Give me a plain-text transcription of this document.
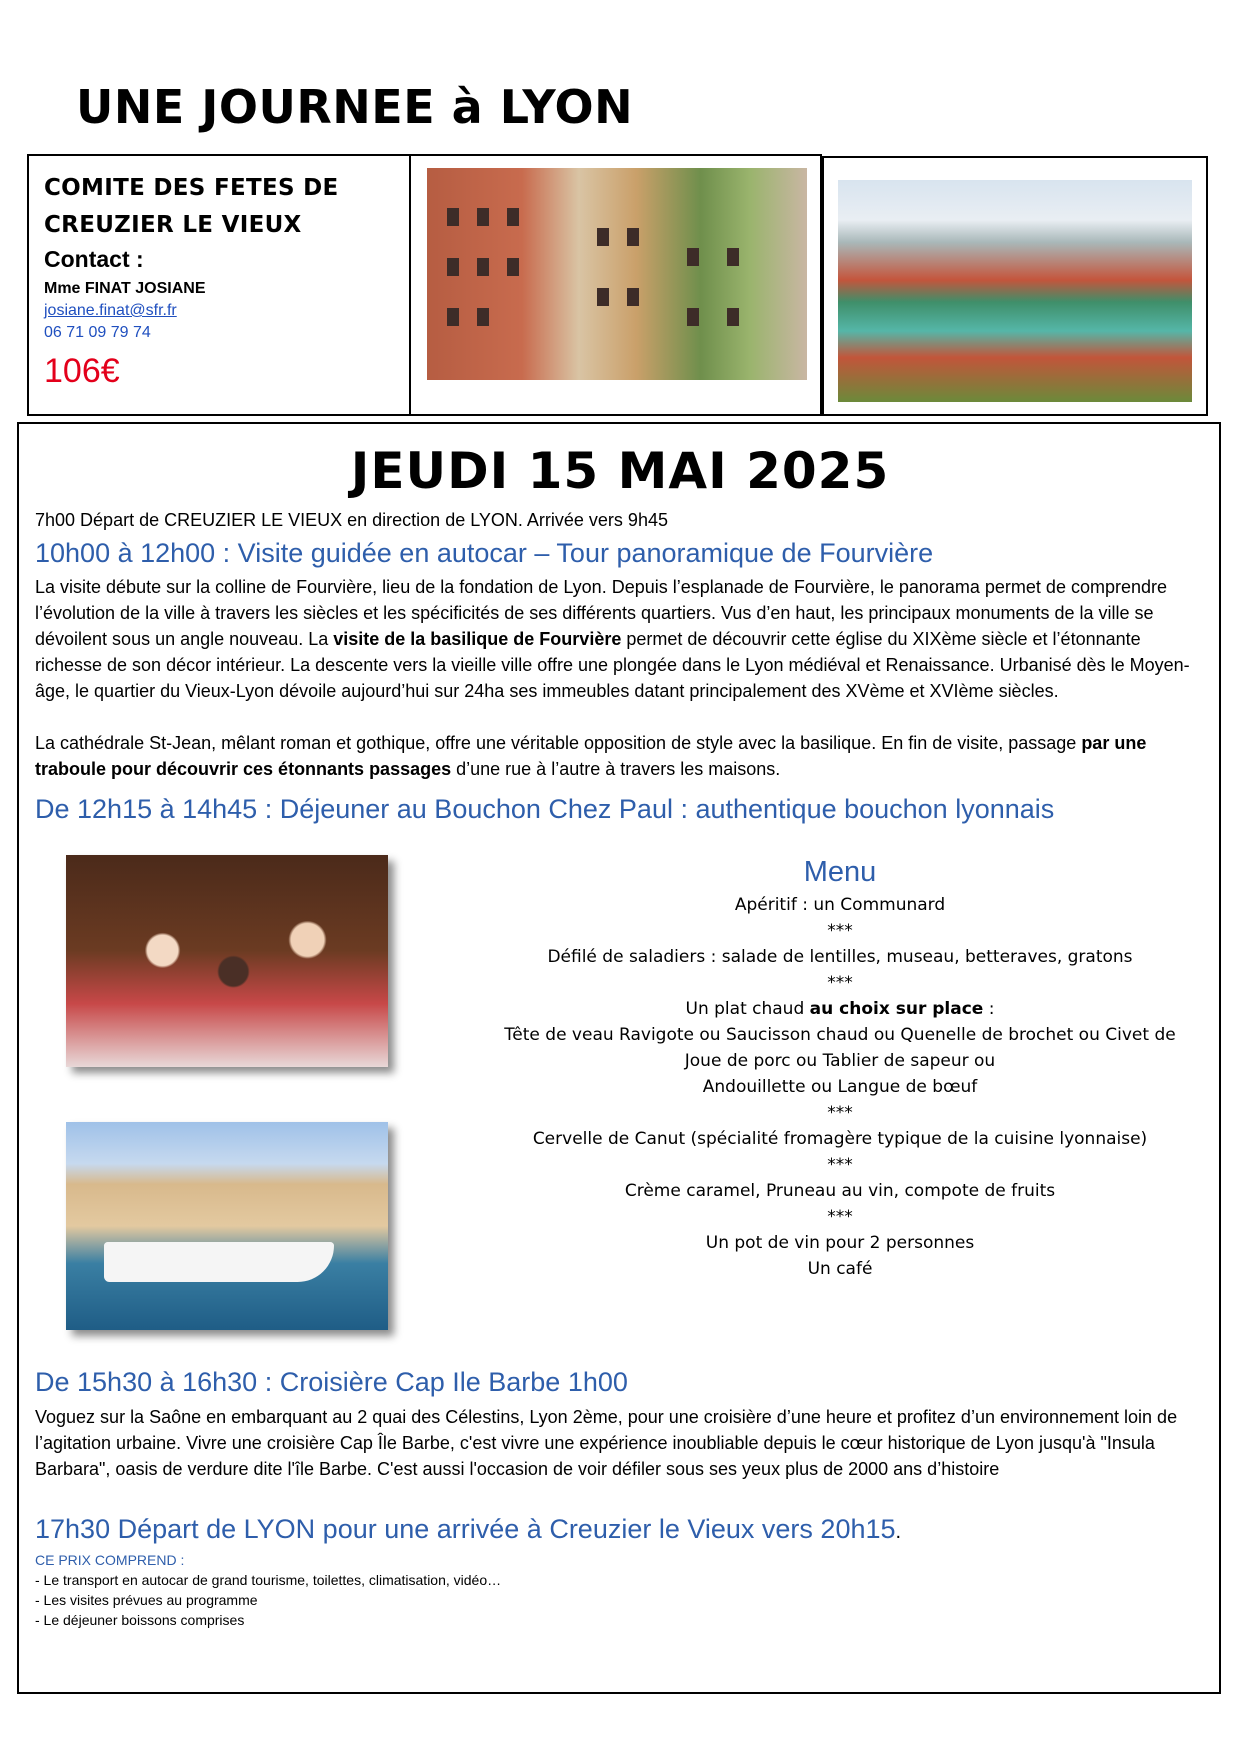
UNE JOURNEE à LYON
COMITE DES FETES DE
CREUZIER LE VIEUX
Contact :
Mme FINAT JOSIANE
josiane.finat@sfr.fr
06 71 09 79 74
106€
JEUDI 15 MAI 2025
7h00 Départ de CREUZIER LE VIEUX en direction de LYON. Arrivée vers 9h45
10h00 à 12h00 : Visite guidée en autocar – Tour panoramique de Fourvière
La visite débute sur la colline de Fourvière, lieu de la fondation de Lyon. Depuis l’esplanade de Fourvière, le panorama permet de comprendre l’évolution de la ville à travers les siècles et les spécificités de ses différents quartiers. Vus d’en haut, les principaux monuments de la ville se dévoilent sous un angle nouveau. La visite de la basilique de Fourvière permet de découvrir cette église du XIXème siècle et l’étonnante richesse de son décor intérieur. La descente vers la vieille ville offre une plongée dans le Lyon médiéval et Renaissance. Urbanisé dès le Moyen-âge, le quartier du Vieux-Lyon dévoile aujourd’hui sur 24ha ses immeubles datant principalement des XVème et XVIème siècles.
La cathédrale St-Jean, mêlant roman et gothique, offre une véritable opposition de style avec la basilique. En fin de visite, passage par une traboule pour découvrir ces étonnants passages d’une rue à l’autre à travers les maisons.
De 12h15 à 14h45 : Déjeuner au Bouchon Chez Paul : authentique bouchon lyonnais
Menu
Apéritif : un Communard
***
Défilé de saladiers : salade de lentilles, museau, betteraves, gratons
***
Un plat chaud au choix sur place :
Tête de veau Ravigote ou Saucisson chaud ou Quenelle de brochet ou Civet de
Joue de porc ou Tablier de sapeur ou
Andouillette ou Langue de bœuf
***
Cervelle de Canut (spécialité fromagère typique de la cuisine lyonnaise)
***
Crème caramel, Pruneau au vin, compote de fruits
***
Un pot de vin pour 2 personnes
Un café
De 15h30 à 16h30 : Croisière Cap Ile Barbe 1h00
Voguez sur la Saône en embarquant au 2 quai des Célestins, Lyon 2ème, pour une croisière d’une heure et profitez d’un environnement loin de l’agitation urbaine. Vivre une croisière Cap Île Barbe, c'est vivre une expérience inoubliable depuis le cœur historique de Lyon jusqu'à "Insula Barbara", oasis de verdure dite l'île Barbe. C'est aussi l'occasion de voir défiler sous ses yeux plus de 2000 ans d’histoire
17h30 Départ de LYON pour une arrivée à Creuzier le Vieux vers 20h15.
CE PRIX COMPREND :
- Le transport en autocar de grand tourisme, toilettes, climatisation, vidéo…
- Les visites prévues au programme
- Le déjeuner boissons comprises
